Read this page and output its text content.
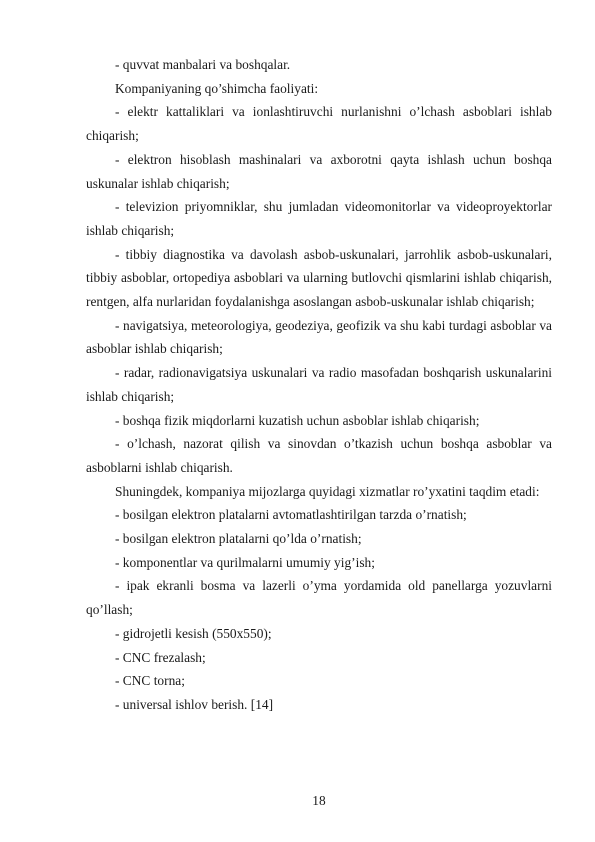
- quvvat manbalari va boshqalar.

Kompaniyaning qo’shimcha faoliyati:

- elektr kattaliklari va ionlashtiruvchi nurlanishni o’lchash asboblari ishlab chiqarish;

- elektron hisoblash mashinalari va axborotni qayta ishlash uchun boshqa uskunalar ishlab chiqarish;

- televizion priyomniklar, shu jumladan videomonitorlar va videoproyektorlar ishlab chiqarish;

- tibbiy diagnostika va davolash asbob-uskunalari, jarrohlik asbob-uskunalari, tibbiy asboblar, ortopediya asboblari va ularning butlovchi qismlarini ishlab chiqarish, rentgen, alfa nurlaridan foydalanishga asoslangan asbob-uskunalar ishlab chiqarish;

- navigatsiya, meteorologiya, geodeziya, geofizik va shu kabi turdagi asboblar va asboblar ishlab chiqarish;

- radar, radionavigatsiya uskunalari va radio masofadan boshqarish uskunalarini ishlab chiqarish;

- boshqa fizik miqdorlarni kuzatish uchun asboblar ishlab chiqarish;

- o’lchash, nazorat qilish va sinovdan o’tkazish uchun boshqa asboblar va asboblarni ishlab chiqarish.

Shuningdek, kompaniya mijozlarga quyidagi xizmatlar ro’yxatini taqdim etadi:

- bosilgan elektron platalarni avtomatlashtirilgan tarzda o’rnatish;

- bosilgan elektron platalarni qo’lda o’rnatish;

- komponentlar va qurilmalarni umumiy yig’ish;

- ipak ekranli bosma va lazerli o’yma yordamida old panellarga yozuvlarni qo’llash;

- gidrojetli kesish (550x550);

- CNC frezalash;

- CNC torna;

- universal ishlov berish. [14]

18
